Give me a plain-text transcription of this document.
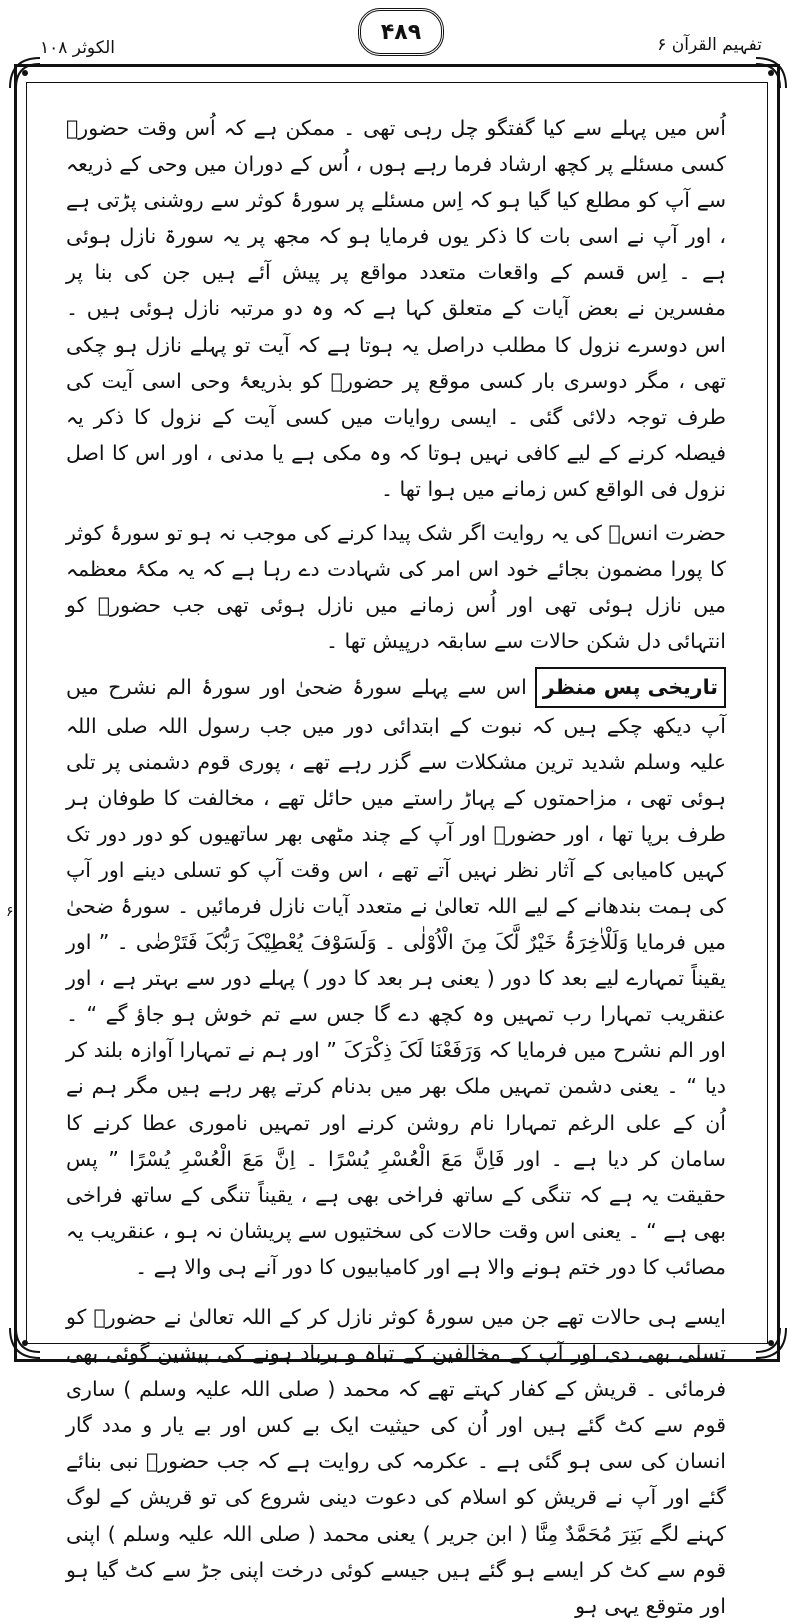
الکوثر ۱۰۸
۴۸۹
تفہیم القرآن ۶
۶

اُس میں پہلے سے کیا گفتگو چل رہی تھی ۔ ممکن ہے کہ اُس وقت حضورؐ کسی مسئلے پر کچھ ارشاد فرما رہے ہوں ، اُس کے دوران میں وحی کے ذریعہ سے آپ کو مطلع کیا گیا ہو کہ اِس مسئلے پر سورۂ کوثر سے روشنی پڑتی ہے ، اور آپ نے اسی بات کا ذکر یوں فرمایا ہو کہ مجھ پر یہ سورۃ نازل ہوئی ہے ۔ اِس قسم کے واقعات متعدد مواقع پر پیش آئے ہیں جن کی بنا پر مفسرین نے بعض آیات کے متعلق کہا ہے کہ وہ دو مرتبہ نازل ہوئی ہیں ۔ اس دوسرے نزول کا مطلب دراصل یہ ہوتا ہے کہ آیت تو پہلے نازل ہو چکی تھی ، مگر دوسری بار کسی موقع پر حضورؐ کو بذریعۂ وحی اسی آیت کی طرف توجہ دلائی گئی ۔ ایسی روایات میں کسی آیت کے نزول کا ذکر یہ فیصلہ کرنے کے لیے کافی نہیں ہوتا کہ وہ مکی ہے یا مدنی ، اور اس کا اصل نزول فی الواقع کس زمانے میں ہوا تھا ۔

حضرت انسؓ کی یہ روایت اگر شک پیدا کرنے کی موجب نہ ہو تو سورۂ کوثر کا پورا مضمون بجائے خود اس امر کی شہادت دے رہا ہے کہ یہ مکۂ معظمہ میں نازل ہوئی تھی اور اُس زمانے میں نازل ہوئی تھی جب حضورؐ کو انتہائی دل شکن حالات سے سابقہ درپیش تھا ۔

تاریخی پس منظراس سے پہلے سورۂ ضحیٰ اور سورۂ الم نشرح میں آپ دیکھ چکے ہیں کہ نبوت کے ابتدائی دور میں جب رسول اللہ صلی اللہ علیہ وسلم شدید ترین مشکلات سے گزر رہے تھے ، پوری قوم دشمنی پر تلی ہوئی تھی ، مزاحمتوں کے پہاڑ راستے میں حائل تھے ، مخالفت کا طوفان ہر طرف برپا تھا ، اور حضورؐ اور آپ کے چند مٹھی بھر ساتھیوں کو دور دور تک کہیں کامیابی کے آثار نظر نہیں آتے تھے ، اس وقت آپ کو تسلی دینے اور آپ کی ہمت بندھانے کے لیے اللہ تعالیٰ نے متعدد آیات نازل فرمائیں ۔ سورۂ ضحیٰ میں فرمایا وَلَلْاٰخِرَۃُ خَیْرٌ لَّکَ مِنَ الْاُوْلٰی ۔ وَلَسَوْفَ یُعْطِیْکَ رَبُّکَ فَتَرْضٰی ۔ ” اور یقیناً تمہارے لیے بعد کا دور ( یعنی ہر بعد کا دور ) پہلے دور سے بہتر ہے ، اور عنقریب تمہارا رب تمہیں وہ کچھ دے گا جس سے تم خوش ہو جاؤ گے “ ۔ اور الم نشرح میں فرمایا کہ وَرَفَعْنَا لَکَ ذِکْرَکَ ” اور ہم نے تمہارا آوازہ بلند کر دیا “ ۔ یعنی دشمن تمہیں ملک بھر میں بدنام کرتے پھر رہے ہیں مگر ہم نے اُن کے علی الرغم تمہارا نام روشن کرنے اور تمہیں ناموری عطا کرنے کا سامان کر دیا ہے ۔ اور فَاِنَّ مَعَ الْعُسْرِ یُسْرًا ۔ اِنَّ مَعَ الْعُسْرِ یُسْرًا ” پس حقیقت یہ ہے کہ تنگی کے ساتھ فراخی بھی ہے ، یقیناً تنگی کے ساتھ فراخی بھی ہے “ ۔ یعنی اس وقت حالات کی سختیوں سے پریشان نہ ہو ، عنقریب یہ مصائب کا دور ختم ہونے والا ہے اور کامیابیوں کا دور آنے ہی والا ہے ۔

ایسے ہی حالات تھے جن میں سورۂ کوثر نازل کر کے اللہ تعالیٰ نے حضورؐ کو تسلی بھی دی اور آپ کے مخالفین کے تباہ و برباد ہونے کی پیشین گوئی بھی فرمائی ۔ قریش کے کفار کہتے تھے کہ محمد ( صلی اللہ علیہ وسلم ) ساری قوم سے کٹ گئے ہیں اور اُن کی حیثیت ایک بے کس اور بے یار و مدد گار انسان کی سی ہو گئی ہے ۔ عکرمہ کی روایت ہے کہ جب حضورؐ نبی بنائے گئے اور آپ نے قریش کو اسلام کی دعوت دینی شروع کی تو قریش کے لوگ کہنے لگے بَتِرَ مُحَمَّدٌ مِنَّا ( ابن جریر ) یعنی محمد ( صلی اللہ علیہ وسلم ) اپنی قوم سے کٹ کر ایسے ہو گئے ہیں جیسے کوئی درخت اپنی جڑ سے کٹ گیا ہو اور متوقع یہی ہو
